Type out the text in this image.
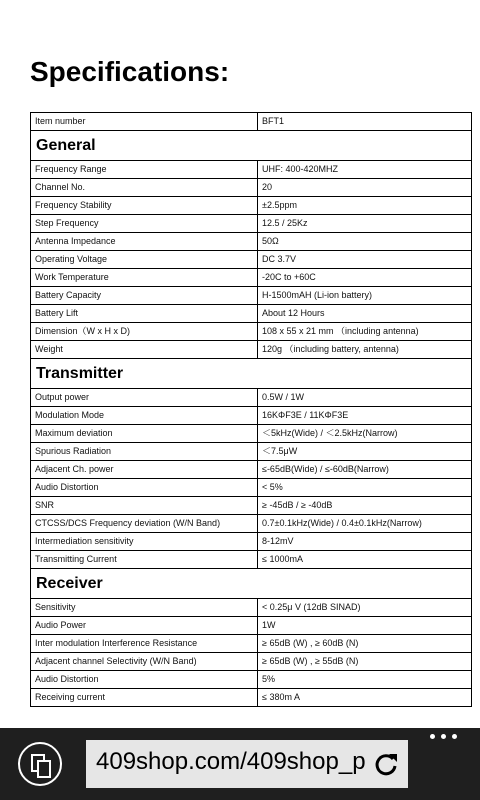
Specifications:
Item number	BFT1
General	
Frequency Range	UHF: 400-420MHZ
Channel No.	20
Frequency Stability	±2.5ppm
Step Frequency	12.5 / 25Kz
Antenna Impedance	50Ω
Operating Voltage	DC 3.7V
Work Temperature	-20C to +60C
Battery Capacity	H-1500mAH (Li-ion battery)
Battery Lift	About 12 Hours
Dimension（W x H x D)	108 x 55 x 21 mm （including antenna)
Weight	120g （including battery, antenna)
Transmitter	
Output power	0.5W / 1W
Modulation Mode	16KΦF3E / 11KΦF3E
Maximum deviation	＜5kHz(Wide) / ＜2.5kHz(Narrow)
Spurious Radiation	＜7.5μW
Adjacent Ch. power	≤-65dB(Wide) / ≤-60dB(Narrow)
Audio Distortion	< 5%
SNR	≥ -45dB / ≥ -40dB
CTCSS/DCS Frequency deviation (W/N Band)	0.7±0.1kHz(Wide) / 0.4±0.1kHz(Narrow)
Intermediation sensitivity	8-12mV
Transmitting Current	≤ 1000mA
Receiver	
Sensitivity	< 0.25μ V (12dB SINAD)
Audio Power	1W
Inter modulation Interference Resistance	≥ 65dB (W) , ≥ 60dB (N)
Adjacent channel Selectivity (W/N Band)	≥ 65dB (W) , ≥ 55dB (N)
Audio Distortion	5%
Receiving current	≤ 380m A
409shop.com/409shop_p
